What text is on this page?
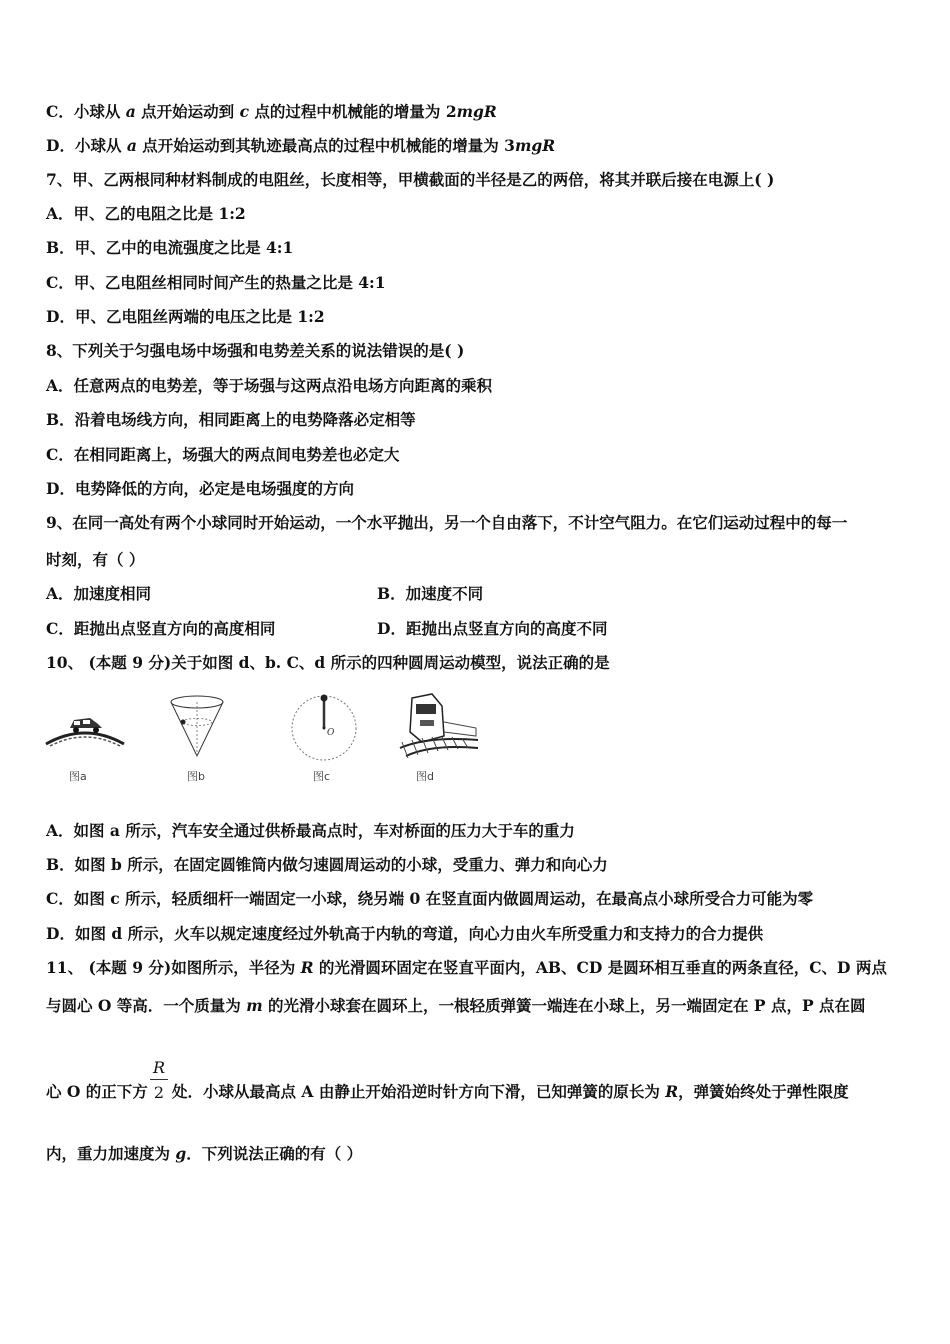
C．小球从 a 点开始运动到 c 点的过程中机械能的增量为 2mgR
D．小球从 a 点开始运动到其轨迹最高点的过程中机械能的增量为 3mgR
7、甲、乙两根同种材料制成的电阻丝，长度相等，甲横截面的半径是乙的两倍，将其并联后接在电源上( )
A．甲、乙的电阻之比是 1:2
B．甲、乙中的电流强度之比是 4:1
C．甲、乙电阻丝相同时间产生的热量之比是 4:1
D．甲、乙电阻丝两端的电压之比是 1:2
8、下列关于匀强电场中场强和电势差关系的说法错误的是( )
A．任意两点的电势差，等于场强与这两点沿电场方向距离的乘积
B．沿着电场线方向，相同距离上的电势降落必定相等
C．在相同距离上，场强大的两点间电势差也必定大
D．电势降低的方向，必定是电场强度的方向
9、在同一高处有两个小球同时开始运动，一个水平抛出，另一个自由落下，不计空气阻力。在它们运动过程中的每一
时刻，有（ ）
A．加速度相同	B．加速度不同
C．距抛出点竖直方向的高度相同	D．距抛出点竖直方向的高度不同
10、 (本题 9 分)关于如图 d、b. C、d 所示的四种圆周运动模型，说法正确的是
图a	图b
O
图c	图d
A．如图 a 所示，汽车安全通过供桥最高点时，车对桥面的压力大于车的重力
B．如图 b 所示，在固定圆锥筒内做匀速圆周运动的小球，受重力、弹力和向心力
C．如图 c 所示，轻质细杆一端固定一小球，绕另端 0 在竖直面内做圆周运动，在最高点小球所受合力可能为零
D．如图 d 所示，火车以规定速度经过外轨高于内轨的弯道，向心力由火车所受重力和支持力的合力提供
11、 (本题 9 分)如图所示，半径为 R 的光滑圆环固定在竖直平面内，AB、CD 是圆环相互垂直的两条直径，C、D 两点
与圆心 O 等高．一个质量为 m 的光滑小球套在圆环上，一根轻质弹簧一端连在小球上，另一端固定在 P 点，P 点在圆
$\frac{R}{2}$
心 O 的正下方 处．小球从最高点 A 由静止开始沿逆时针方向下滑，已知弹簧的原长为 R，弹簧始终处于弹性限度
内，重力加速度为 g．下列说法正确的有（ ）
